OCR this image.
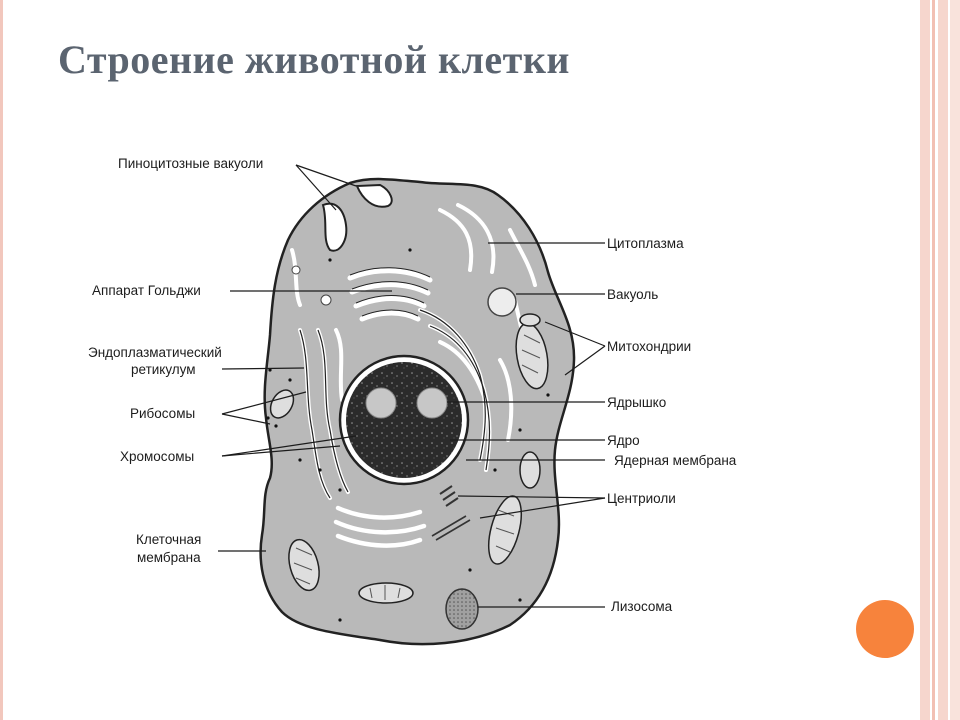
Строение животной клетки
Пиноцитозные вакуоли
Аппарат Гольджи
Эндоплазматический
ретикулум
Рибосомы
Хромосомы
Клеточная
мембрана
Цитоплазма
Вакуоль
Митохондрии
Ядрышко
Ядро
Ядерная мембрана
Центриоли
Лизосома
